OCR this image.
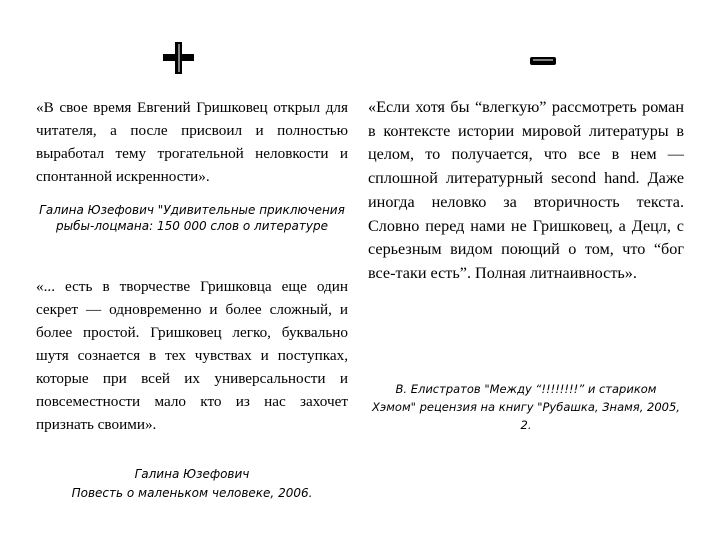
«В свое время Евгений Гришковец открыл для читателя, а после присвоил и полностью выработал тему трогательной неловкости и спонтанной искренности».

Галина Юзефович "Удивительные приключения рыбы-лоцмана: 150 000 слов о литературе

«... есть в творчестве Гришковца еще один секрет — одновременно и более сложный, и более простой. Гришковец легко, буквально шутя сознается в тех чувствах и поступках, которые при всей их универсальности и повсеместности мало кто из нас захочет признать своими».

Галина Юзефович
Повесть о маленьком человеке, 2006.

«Если хотя бы “влегкую” рассмотреть роман в контексте истории мировой литературы в целом, то получается, что все в нем — сплошной литературный second hand. Даже иногда неловко за вторичность текста. Словно перед нами не Гришковец, а Децл, с серьезным видом поющий о том, что “бог все-таки есть”. Полная литнаивность».

В. Елистратов "Между “!!!!!!!!” и стариком
Хэмом" рецензия на книгу "Рубашка, Знамя, 2005, 2.
